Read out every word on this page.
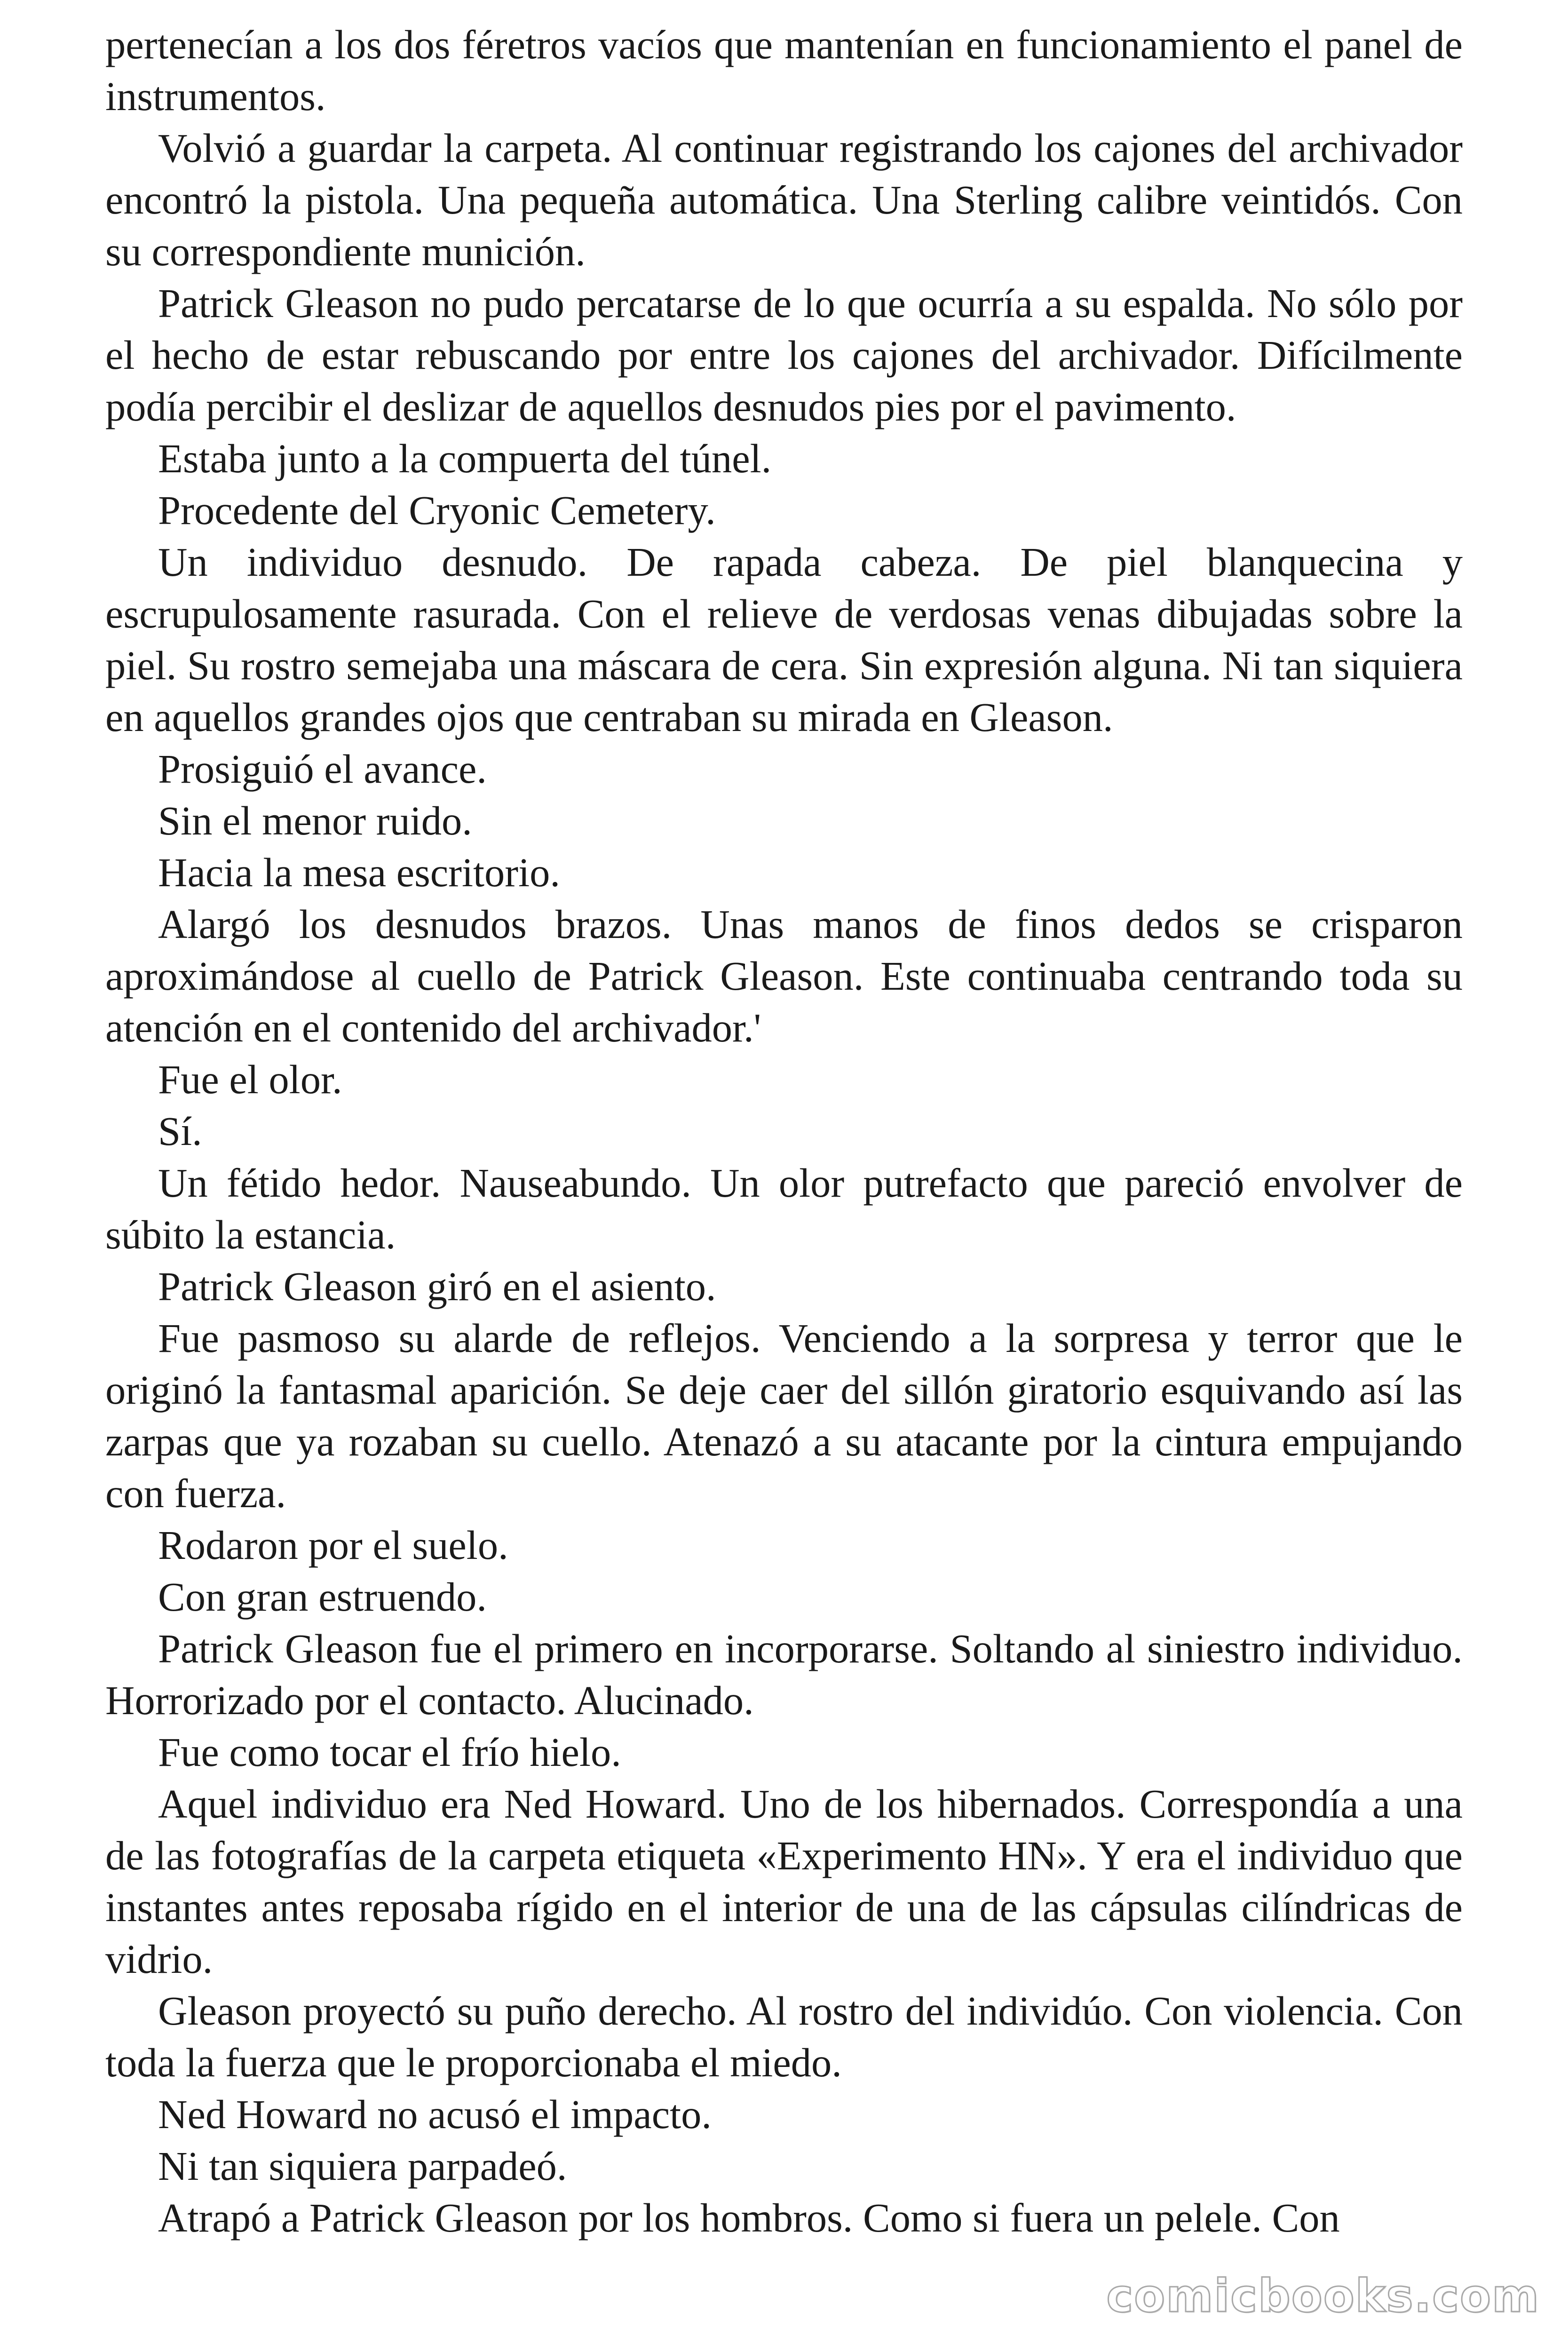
pertenecían a los dos féretros vacíos que mantenían en funcionamiento el panel de instrumentos.

Volvió a guardar la carpeta. Al continuar registrando los cajones del archivador encontró la pistola. Una pequeña automática. Una Sterling calibre veintidós. Con su correspondiente munición.

Patrick Gleason no pudo percatarse de lo que ocurría a su espalda. No sólo por el hecho de estar rebuscando por entre los cajones del archivador. Difícilmente podía percibir el deslizar de aquellos desnudos pies por el pavimento.

Estaba junto a la compuerta del túnel.

Procedente del Cryonic Cemetery.

Un individuo desnudo. De rapada cabeza. De piel blanquecina y escrupulosamente rasurada. Con el relieve de verdosas venas dibujadas sobre la piel. Su rostro semejaba una máscara de cera. Sin expresión alguna. Ni tan siquiera en aquellos grandes ojos que centraban su mirada en Gleason.

Prosiguió el avance.

Sin el menor ruido.

Hacia la mesa escritorio.

Alargó los desnudos brazos. Unas manos de finos dedos se crisparon aproximándose al cuello de Patrick Gleason. Este continuaba centrando toda su atención en el contenido del archivador.'

Fue el olor.

Sí.

Un fétido hedor. Nauseabundo. Un olor putrefacto que pareció envolver de súbito la estancia.

Patrick Gleason giró en el asiento.

Fue pasmoso su alarde de reflejos. Venciendo a la sorpresa y terror que le originó la fantasmal aparición. Se deje caer del sillón giratorio esquivando así las zarpas que ya rozaban su cuello. Atenazó a su atacante por la cintura empujando con fuerza.

Rodaron por el suelo.

Con gran estruendo.

Patrick Gleason fue el primero en incorporarse. Soltando al siniestro individuo. Horrorizado por el contacto. Alucinado.

Fue como tocar el frío hielo.

Aquel individuo era Ned Howard. Uno de los hibernados. Correspondía a una de las fotografías de la carpeta etiqueta «Experimento HN». Y era el individuo que instantes antes reposaba rígido en el interior de una de las cápsulas cilíndricas de vidrio.

Gleason proyectó su puño derecho. Al rostro del individúo. Con violencia. Con toda la fuerza que le proporcionaba el miedo.

Ned Howard no acusó el impacto.

Ni tan siquiera parpadeó.

Atrapó a Patrick Gleason por los hombros. Como si fuera un pelele. Con

comicbooks.com
